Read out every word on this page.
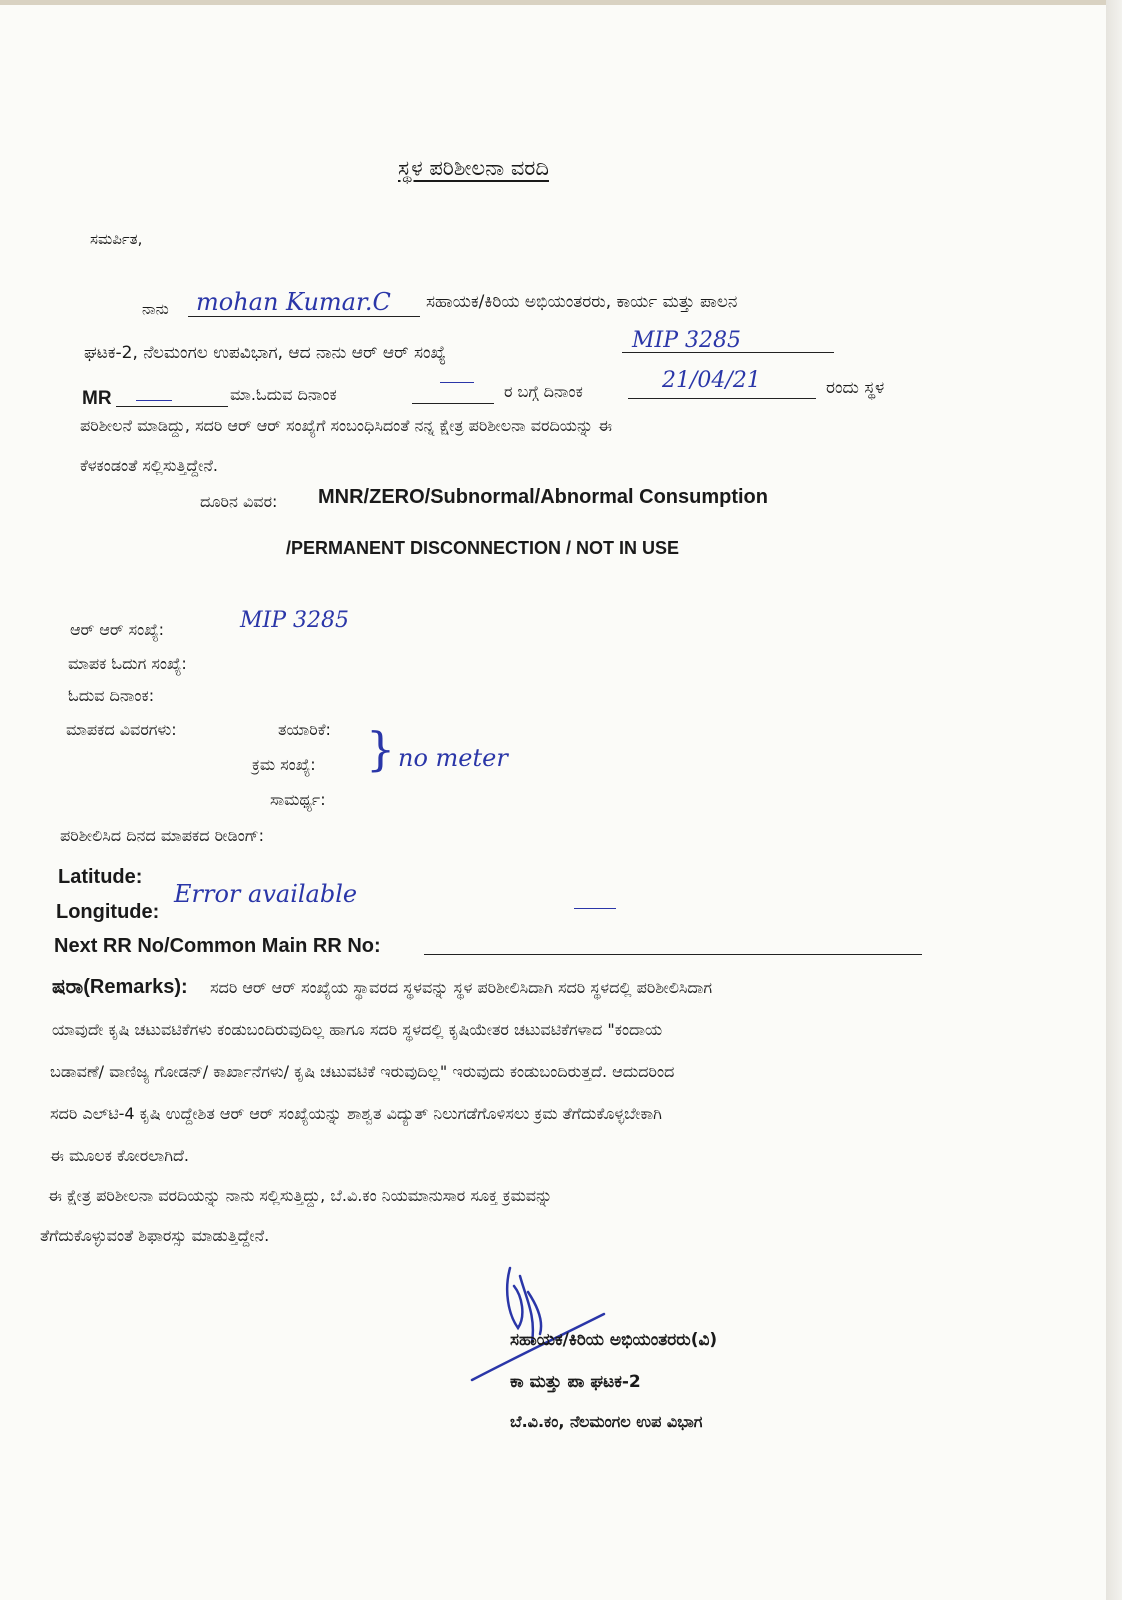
ಸ್ಥಳ ಪರಿಶೀಲನಾ ವರದಿ
ಸಮರ್ಪಿತ,
ನಾನು mohan Kumar.C ಸಹಾಯಕ/ಕಿರಿಯ ಅಭಿಯಂತರರು, ಕಾರ್ಯ ಮತ್ತು ಪಾಲನ
ಘಟಕ-2, ನೆಲಮಂಗಲ ಉಪವಿಭಾಗ, ಆದ ನಾನು ಆರ್ ಆರ್ ಸಂಖ್ಯೆ	MIP 3285
MR	ಮಾ.ಓದುವ ದಿನಾಂಕ	ರ ಬಗ್ಗೆ ದಿನಾಂಕ	21/04/21	ರಂದು ಸ್ಥಳ
ಪರಿಶೀಲನೆ ಮಾಡಿದ್ದು, ಸದರಿ ಆರ್ ಆರ್ ಸಂಖ್ಯೆಗೆ ಸಂಬಂಧಿಸಿದಂತೆ ನನ್ನ ಕ್ಷೇತ್ರ ಪರಿಶೀಲನಾ ವರದಿಯನ್ನು ಈ
ಕೆಳಕಂಡಂತೆ ಸಲ್ಲಿಸುತ್ತಿದ್ದೇನೆ.
ದೂರಿನ ವಿವರ: MNR/ZERO/Subnormal/Abnormal Consumption
/PERMANENT DISCONNECTION / NOT IN USE
ಆರ್ ಆರ್ ಸಂಖ್ಯೆ:	MIP 3285
ಮಾಪಕ ಓದುಗ ಸಂಖ್ಯೆ:
ಓದುವ ದಿನಾಂಕ:
ಮಾಪಕದ ವಿವರಗಳು:	ತಯಾರಿಕೆ:
ಕ್ರಮ ಸಂಖ್ಯೆ:
ಸಾಮರ್ಥ್ಯ:
} no meter
ಪರಿಶೀಲಿಸಿದ ದಿನದ ಮಾಪಕದ ರೀಡಿಂಗ್:
Latitude:
Longitude:
Error available
Next RR No/Common Main RR No:
ಷರಾ(Remarks): ಸದರಿ ಆರ್ ಆರ್ ಸಂಖ್ಯೆಯ ಸ್ಥಾವರದ ಸ್ಥಳವನ್ನು ಸ್ಥಳ ಪರಿಶೀಲಿಸಿದಾಗಿ ಸದರಿ ಸ್ಥಳದಲ್ಲಿ ಪರಿಶೀಲಿಸಿದಾಗ
ಯಾವುದೇ ಕೃಷಿ ಚಟುವಟಿಕೆಗಳು ಕಂಡುಬಂದಿರುವುದಿಲ್ಲ ಹಾಗೂ ಸದರಿ ಸ್ಥಳದಲ್ಲಿ ಕೃಷಿಯೇತರ ಚಟುವಟಿಕೆಗಳಾದ "ಕಂದಾಯ
ಬಡಾವಣೆ/ ವಾಣಿಜ್ಯ ಗೋಡನ್/ ಕಾರ್ಖಾನೆಗಳು/ ಕೃಷಿ ಚಟುವಟಿಕೆ ಇರುವುದಿಲ್ಲ" ಇರುವುದು ಕಂಡುಬಂದಿರುತ್ತದೆ. ಆದುದರಿಂದ
ಸದರಿ ಎಲ್‌ಟಿ-4 ಕೃಷಿ ಉದ್ದೇಶಿತ ಆರ್ ಆರ್ ಸಂಖ್ಯೆಯನ್ನು ಶಾಶ್ವತ ವಿದ್ಯುತ್ ನಿಲುಗಡೆಗೊಳಿಸಲು ಕ್ರಮ ತೆಗೆದುಕೊಳ್ಳಬೇಕಾಗಿ
ಈ ಮೂಲಕ ಕೋರಲಾಗಿದೆ.
ಈ ಕ್ಷೇತ್ರ ಪರಿಶೀಲನಾ ವರದಿಯನ್ನು ನಾನು ಸಲ್ಲಿಸುತ್ತಿದ್ದು, ಬೆ.ವಿ.ಕಂ ನಿಯಮಾನುಸಾರ ಸೂಕ್ತ ಕ್ರಮವನ್ನು
ತೆಗೆದುಕೊಳ್ಳುವಂತೆ ಶಿಫಾರಸ್ಸು ಮಾಡುತ್ತಿದ್ದೇನೆ.
ಸಹಾಯಕ/ಕಿರಿಯ ಅಭಿಯಂತರರು(ವಿ)
ಕಾ ಮತ್ತು ಪಾ ಘಟಕ-2
ಬೆ.ವಿ.ಕಂ, ನೆಲಮಂಗಲ ಉಪ ವಿಭಾಗ
